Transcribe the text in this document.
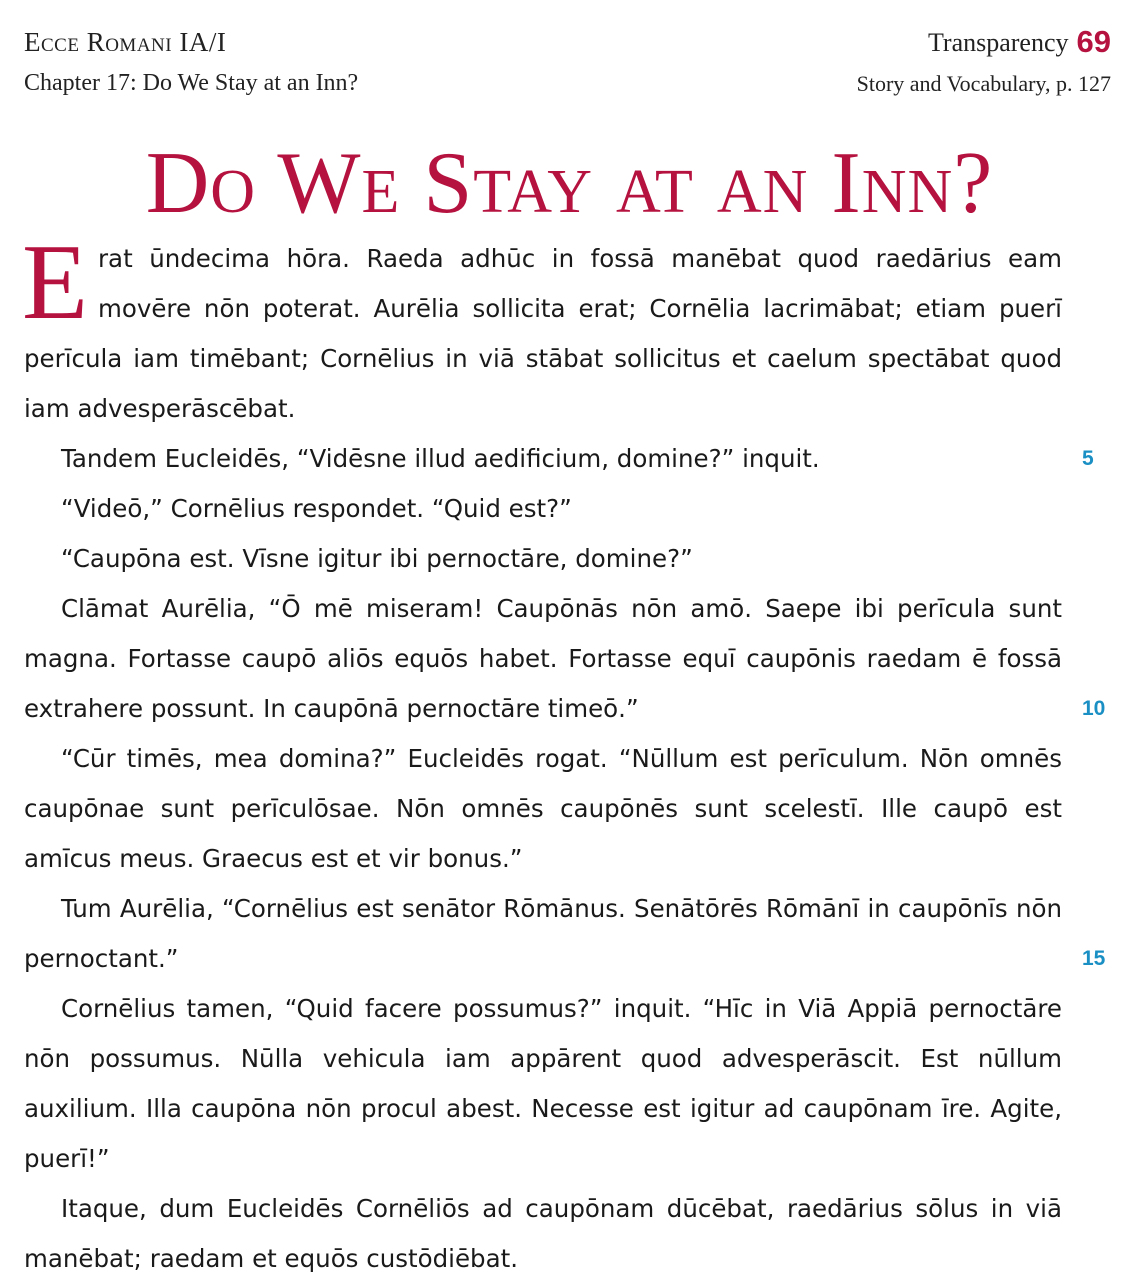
Ecce Romani IA/I
Chapter 17: Do We Stay at an Inn?
Transparency 69
Story and Vocabulary, p. 127
Do We Stay at an Inn?

Erat ūndecima hōra. Raeda adhūc in fossā manēbat quod raedārius eam movēre nōn poterat. Aurēlia sollicita erat; Cornēlia lacrimābat; etiam puerī perīcula iam timēbant; Cornēlius in viā stābat sollicitus et caelum spectābat quod iam advesperāscēbat.

Tandem Eucleidēs, “Vidēsne illud aedificium, domine?” inquit.

“Videō,” Cornēlius respondet. “Quid est?”

“Caupōna est. Vīsne igitur ibi pernoctāre, domine?”

Clāmat Aurēlia, “Ō mē miseram! Caupōnās nōn amō. Saepe ibi perīcula sunt magna. Fortasse caupō aliōs equōs habet. Fortasse equī caupōnis raedam ē fossā extrahere possunt. In caupōnā pernoctāre timeō.”

“Cūr timēs, mea domina?” Eucleidēs rogat. “Nūllum est perīculum. Nōn omnēs caupōnae sunt perīculōsae. Nōn omnēs caupōnēs sunt scelestī. Ille caupō est amīcus meus. Graecus est et vir bonus.”

Tum Aurēlia, “Cornēlius est senātor Rōmānus. Senātōrēs Rōmānī in caupōnīs nōn pernoctant.”

Cornēlius tamen, “Quid facere possumus?” inquit. “Hīc in Viā Appiā pernoctāre nōn possumus. Nūlla vehicula iam appārent quod advesperāscit. Est nūllum auxilium. Illa caupōna nōn procul abest. Necesse est igitur ad caupōnam īre. Agite, puerī!”

Itaque, dum Eucleidēs Cornēliōs ad caupōnam dūcēbat, raedārius sōlus in viā manēbat; raedam et equōs custōdiēbat.

5
10
15
